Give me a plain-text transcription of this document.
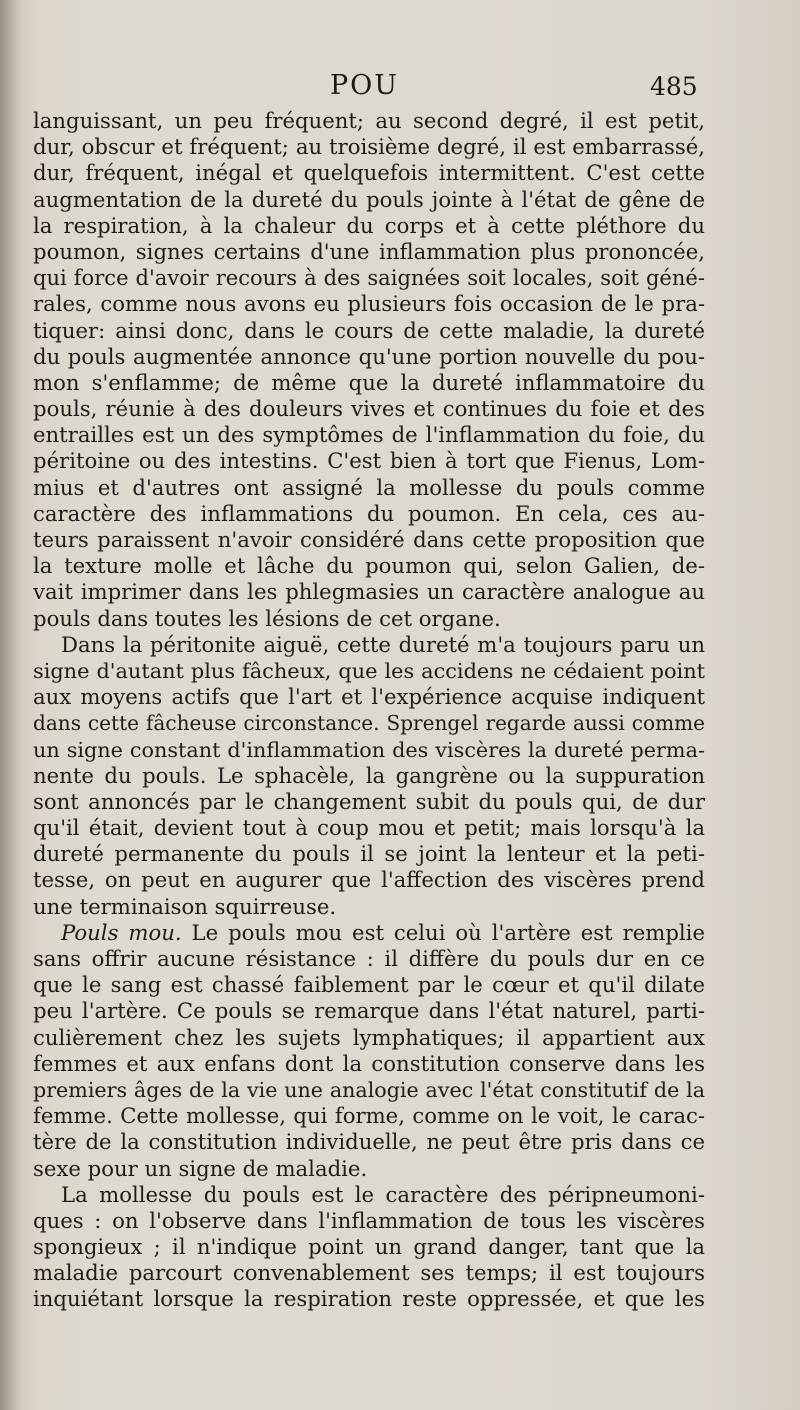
POU	485
languissant, un peu fréquent; au second degré, il est petit,
dur, obscur et fréquent; au troisième degré, il est embarrassé,
dur, fréquent, inégal et quelquefois intermittent. C'est cette
augmentation de la dureté du pouls jointe à l'état de gêne de
la respiration, à la chaleur du corps et à cette pléthore du
poumon, signes certains d'une inflammation plus prononcée,
qui force d'avoir recours à des saignées soit locales, soit géné-
rales, comme nous avons eu plusieurs fois occasion de le pra-
tiquer: ainsi donc, dans le cours de cette maladie, la dureté
du pouls augmentée annonce qu'une portion nouvelle du pou-
mon s'enflamme; de même que la dureté inflammatoire du
pouls, réunie à des douleurs vives et continues du foie et des
entrailles est un des symptômes de l'inflammation du foie, du
péritoine ou des intestins. C'est bien à tort que Fienus, Lom-
mius et d'autres ont assigné la mollesse du pouls comme
caractère des inflammations du poumon. En cela, ces au-
teurs paraissent n'avoir considéré dans cette proposition que
la texture molle et lâche du poumon qui, selon Galien, de-
vait imprimer dans les phlegmasies un caractère analogue au
pouls dans toutes les lésions de cet organe.
Dans la péritonite aiguë, cette dureté m'a toujours paru un
signe d'autant plus fâcheux, que les accidens ne cédaient point
aux moyens actifs que l'art et l'expérience acquise indiquent
dans cette fâcheuse circonstance. Sprengel regarde aussi comme
un signe constant d'inflammation des viscères la dureté perma-
nente du pouls. Le sphacèle, la gangrène ou la suppuration
sont annoncés par le changement subit du pouls qui, de dur
qu'il était, devient tout à coup mou et petit; mais lorsqu'à la
dureté permanente du pouls il se joint la lenteur et la peti-
tesse, on peut en augurer que l'affection des viscères prend
une terminaison squirreuse.
Pouls mou. Le pouls mou est celui où l'artère est remplie
sans offrir aucune résistance : il diffère du pouls dur en ce
que le sang est chassé faiblement par le cœur et qu'il dilate
peu l'artère. Ce pouls se remarque dans l'état naturel, parti-
culièrement chez les sujets lymphatiques; il appartient aux
femmes et aux enfans dont la constitution conserve dans les
premiers âges de la vie une analogie avec l'état constitutif de la
femme. Cette mollesse, qui forme, comme on le voit, le carac-
tère de la constitution individuelle, ne peut être pris dans ce
sexe pour un signe de maladie.
La mollesse du pouls est le caractère des péripneumoni-
ques : on l'observe dans l'inflammation de tous les viscères
spongieux ; il n'indique point un grand danger, tant que la
maladie parcourt convenablement ses temps; il est toujours
inquiétant lorsque la respiration reste oppressée, et que les
